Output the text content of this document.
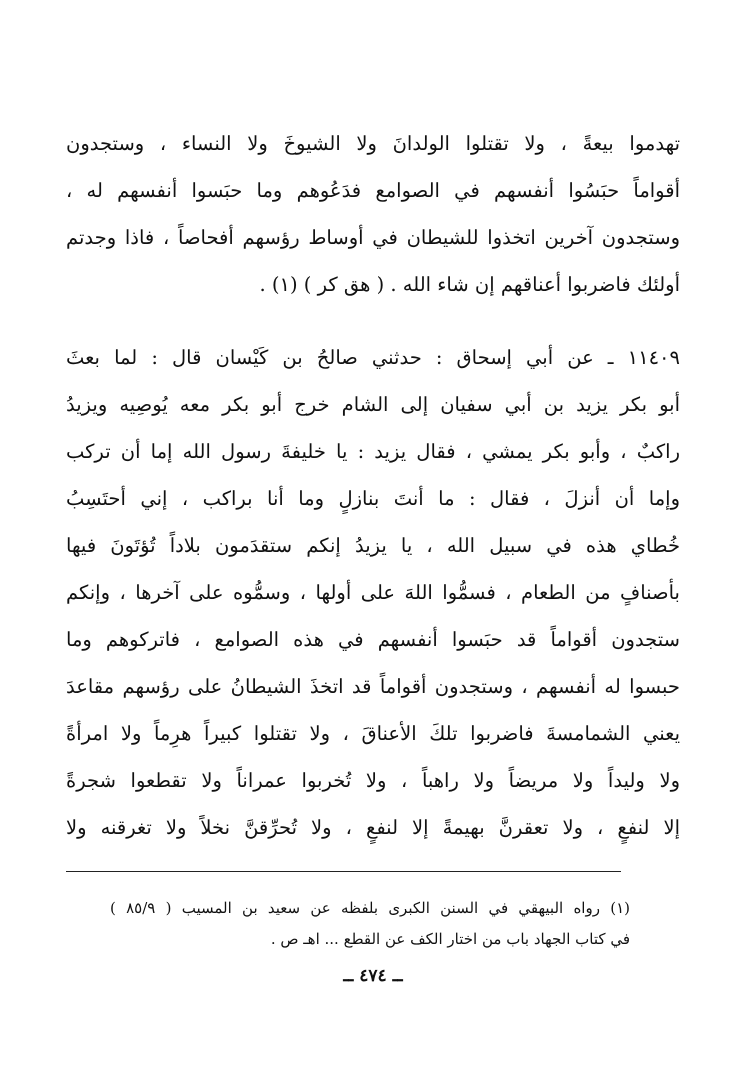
تهدموا بيعةً ، ولا تقتلوا الولدانَ ولا الشيوخَ ولا النساء ، وستجدون
أقواماً حبَسُوا أنفسهم في الصوامع فدَعُوهم وما حبَسوا أنفسهم له ،
وستجدون آخرين اتخذوا للشيطان في أوساط رؤسهم أفحاصاً ، فاذا وجدتم
أولئك فاضربوا أعناقهم إن شاء الله . ( هق كر ) (١) .
١١٤٠٩ ـ عن أبي إسحاق : حدثني صالحُ بن كَيْسان قال : لما بعثَ
أبو بكر يزيد بن أبي سفيان إلى الشام خرج أبو بكر معه يُوصِيه ويزيدُ
راكبٌ ، وأبو بكر يمشي ، فقال يزيد : يا خليفةَ رسول الله إما أن تركب
وإما أن أنزلَ ، فقال : ما أنتَ بنازلٍ وما أنا براكب ، إني أحتَسِبُ
خُطاي هذه في سبيل الله ، يا يزيدُ إنكم ستقدَمون بلاداً تُؤتَونَ فيها
بأصنافٍ من الطعام ، فسمُّوا اللهَ على أولها ، وسمُّوه على آخرها ، وإنكم
ستجدون أقواماً قد حبَسوا أنفسهم في هذه الصوامع ، فاتركوهم وما
حبسوا له أنفسهم ، وستجدون أقواماً قد اتخذَ الشيطانُ على رؤسهم مقاعدَ
يعني الشمامسةَ فاضربوا تلكَ الأعناقَ ، ولا تقتلوا كبيراً هرِماً ولا امرأةً
ولا وليداً ولا مريضاً ولا راهباً ، ولا تُخربوا عمراناً ولا تقطعوا شجرةً
إلا لنفعٍ ، ولا تعقرنَّ بهيمةً إلا لنفعٍ ، ولا تُحرِّقنَّ نخلاً ولا تغرقنه ولا
(١) رواه البيهقي في السنن الكبرى بلفظه عن سعيد بن المسيب ( ٨٥/٩ )
في كتاب الجهاد باب من اختار الكف عن القطع ... اهـ ص .
ــ ٤٧٤ ــ
